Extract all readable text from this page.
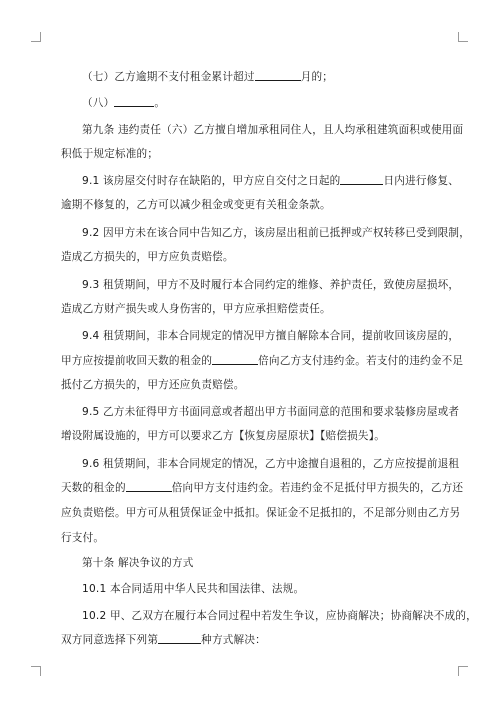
（七）乙方逾期不支付租金累计超过	月的；
（八）	。
第九条 违约责任（六）乙方擅自增加承租同住人，且人均承租建筑面积或使用面
积低于规定标准的；
9.1 该房屋交付时存在缺陷的，甲方应自交付之日起的	日内进行修复、
逾期不修复的，乙方可以减少租金或变更有关租金条款。
9.2 因甲方未在该合同中告知乙方，该房屋出租前已抵押或产权转移已受到限制，
造成乙方损失的，甲方应负责赔偿。
9.3 租赁期间，甲方不及时履行本合同约定的维修、养护责任，致使房屋损坏，
造成乙方财产损失或人身伤害的，甲方应承担赔偿责任。
9.4 租赁期间，非本合同规定的情况甲方擅自解除本合同，提前收回该房屋的，
甲方应按提前收回天数的租金的	倍向乙方支付违约金。若支付的违约金不足
抵付乙方损失的，甲方还应负责赔偿。
9.5 乙方未征得甲方书面同意或者超出甲方书面同意的范围和要求装修房屋或者
增设附属设施的，甲方可以要求乙方【恢复房屋原状】【赔偿损失】。
9.6 租赁期间，非本合同规定的情况，乙方中途擅自退租的，乙方应按提前退租
天数的租金的	倍向甲方支付违约金。若违约金不足抵付甲方损失的，乙方还
应负责赔偿。甲方可从租赁保证金中抵扣。保证金不足抵扣的，不足部分则由乙方另
行支付。
第十条 解决争议的方式
10.1 本合同适用中华人民共和国法律、法规。
10.2 甲、乙双方在履行本合同过程中若发生争议，应协商解决；协商解决不成的，
双方同意选择下列第	种方式解决：
